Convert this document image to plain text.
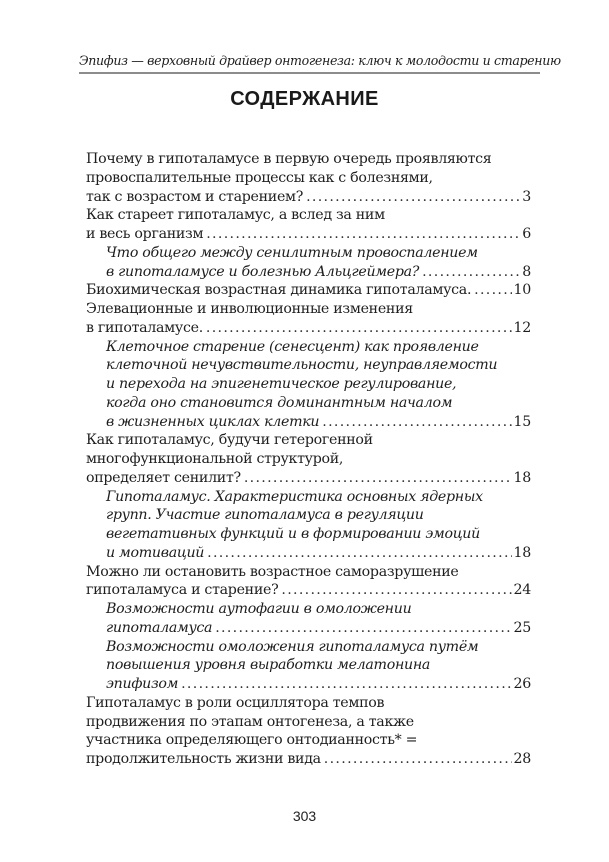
Эпифиз — верховный драйвер онтогенеза: ключ к молодости и старению
СОДЕРЖАНИЕ
Почему в гипоталамусе в первую очередь проявляются
провоспалительные процессы как с болезнями,
так с возрастом и старением? . . .	3
Как стареет гипоталамус, а вслед за ним
и весь организм . . .	6
Что общего между сенилитным провоспалением
в гипоталамусе и болезнью Альцгеймера? . . .	8
Биохимическая возрастная динамика гипоталамуса. . . .	10
Элевационные и инволюционные изменения
в гипоталамусе. . . .	12
Клеточное старение (сенесцент) как проявление
клеточной нечувствительности, неуправляемости
и перехода на эпигенетическое регулирование,
когда оно становится доминантным началом
в жизненных циклах клетки . . .	15
Как гипоталамус, будучи гетерогенной
многофункциональной структурой,
определяет сенилит? . . .	18
Гипоталамус. Характеристика основных ядерных
групп. Участие гипоталамуса в регуляции
вегетативных функций и в формировании эмоций
и мотиваций . . .	18
Можно ли остановить возрастное саморазрушение
гипоталамуса и старение? . . .	24
Возможности аутофагии в омоложении
гипоталамуса . . .	25
Возможности омоложения гипоталамуса путём
повышения уровня выработки мелатонина
эпифизом . . .	26
Гипоталамус в роли осциллятора темпов
продвижения по этапам онтогенеза, а также
участника определяющего онтодианность* =
продолжительность жизни вида . . .	28
303
